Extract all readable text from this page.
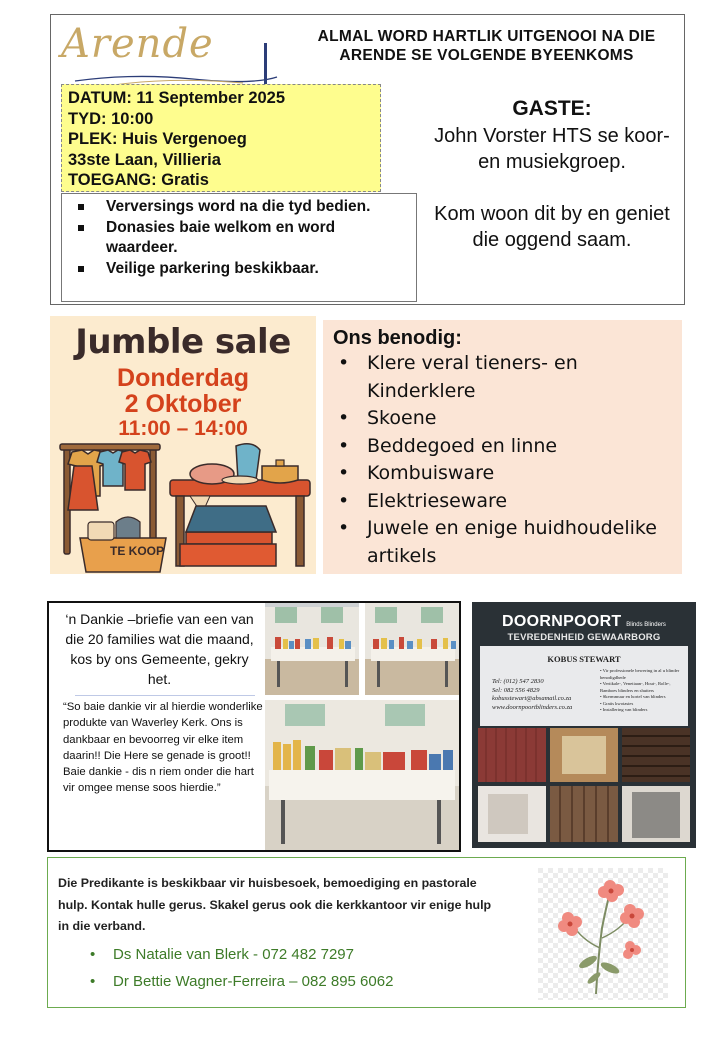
Arende	ALMAL WORD HARTLIK UITGENOOI NA DIE ARENDE SE VOLGENDE BYEENKOMS
DATUM: 11 September 2025
TYD: 10:00
PLEK: Huis Vergenoeg
33ste Laan, Villieria
TOEGANG: Gratis
Verversings word na die tyd bedien.
Donasies baie welkom en word waardeer.
Veilige parkering beskikbaar.
GASTE:
John Vorster HTS se koor- en musiekgroep.
Kom woon dit by en geniet die oggend saam.
Jumble sale
Donderdag
2 Oktober
11:00 – 14:00
TE KOOP
Ons benodig:
• Klere veral tieners- en Kinderklere
• Skoene
• Beddegoed en linne
• Kombuisware
• Elektrieseware
• Juwele en enige huidhoudelike artikels
‘n Dankie –briefie van een van die 20 families wat die maand, kos by ons Gemeente, gekry het.
“So baie dankie vir al hierdie wonderlike produkte van Waverley Kerk. Ons is dankbaar en bevoorreg vir elke item daarin!! Die Here se genade is groot!! Baie dankie - dis n riem onder die hart vir omgee mense soos hierdie.”
DOORNPOORT Blinds Blinders
TEVREDENHEID GEWAARBORG
KOBUS STEWART
Tel: (012) 547 2830
Sel: 082 556 4829
kobusstewart@absamail.co.za
www.doornpoortblinders.co.za
• Vir professionele bewering in al u blinder benodigdhede
• Vertikale-, Venetiaan-, Hout-, Rolle-, Bamboes blinders en shutters
• Skermmuur en hortel van blinders
• Gratis kwotasies
• Installering van blinders
Die Predikante is beskikbaar vir huisbesoek, bemoediging en pastorale hulp. Kontak hulle gerus. Skakel gerus ook die kerkkantoor vir enige hulp in die verband.
• Ds Natalie van Blerk - 072 482 7297
• Dr Bettie Wagner-Ferreira – 082 895 6062
